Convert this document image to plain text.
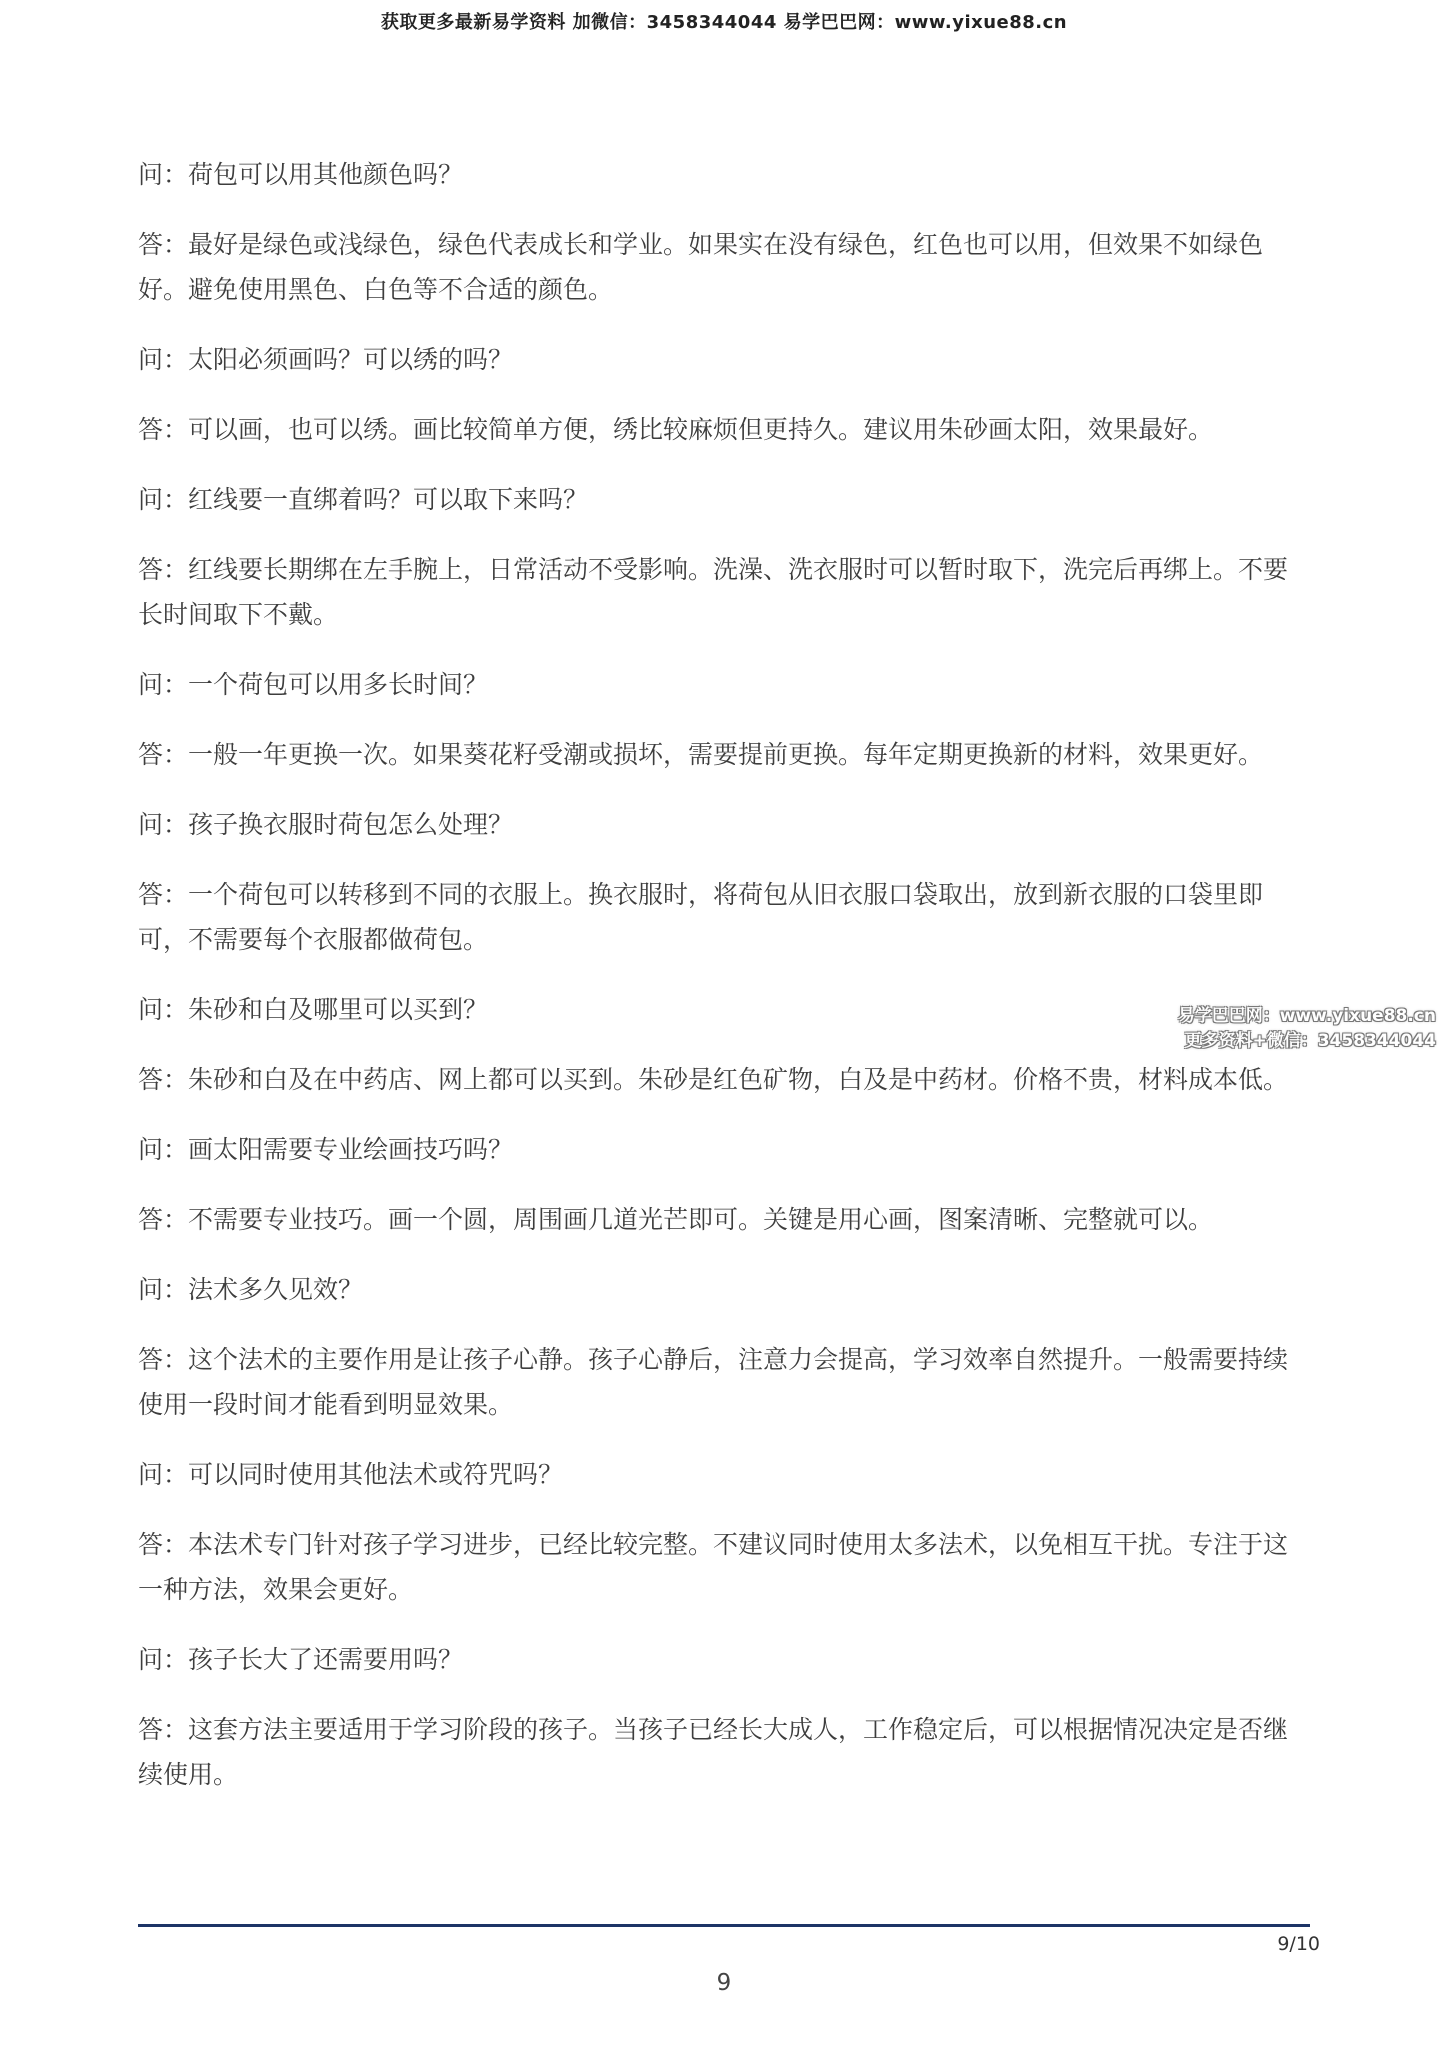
获取更多最新易学资料 加微信：3458344044 易学巴巴网：www.yixue88.cn

问：荷包可以用其他颜色吗？

答：最好是绿色或浅绿色，绿色代表成长和学业。如果实在没有绿色，红色也可以用，但效果不如绿色好。避免使用黑色、白色等不合适的颜色。

问：太阳必须画吗？可以绣的吗？

答：可以画，也可以绣。画比较简单方便，绣比较麻烦但更持久。建议用朱砂画太阳，效果最好。

问：红线要一直绑着吗？可以取下来吗？

答：红线要长期绑在左手腕上，日常活动不受影响。洗澡、洗衣服时可以暂时取下，洗完后再绑上。不要长时间取下不戴。

问：一个荷包可以用多长时间？

答：一般一年更换一次。如果葵花籽受潮或损坏，需要提前更换。每年定期更换新的材料，效果更好。

问：孩子换衣服时荷包怎么处理？

答：一个荷包可以转移到不同的衣服上。换衣服时，将荷包从旧衣服口袋取出，放到新衣服的口袋里即可，不需要每个衣服都做荷包。

问：朱砂和白及哪里可以买到？

答：朱砂和白及在中药店、网上都可以买到。朱砂是红色矿物，白及是中药材。价格不贵，材料成本低。

问：画太阳需要专业绘画技巧吗？

答：不需要专业技巧。画一个圆，周围画几道光芒即可。关键是用心画，图案清晰、完整就可以。

问：法术多久见效？

答：这个法术的主要作用是让孩子心静。孩子心静后，注意力会提高，学习效率自然提升。一般需要持续使用一段时间才能看到明显效果。

问：可以同时使用其他法术或符咒吗？

答：本法术专门针对孩子学习进步，已经比较完整。不建议同时使用太多法术，以免相互干扰。专注于这一种方法，效果会更好。

问：孩子长大了还需要用吗？

答：这套方法主要适用于学习阶段的孩子。当孩子已经长大成人，工作稳定后，可以根据情况决定是否继续使用。

易学巴巴网：www.yixue88.cn
更多资料+微信：3458344044
9/10
9
